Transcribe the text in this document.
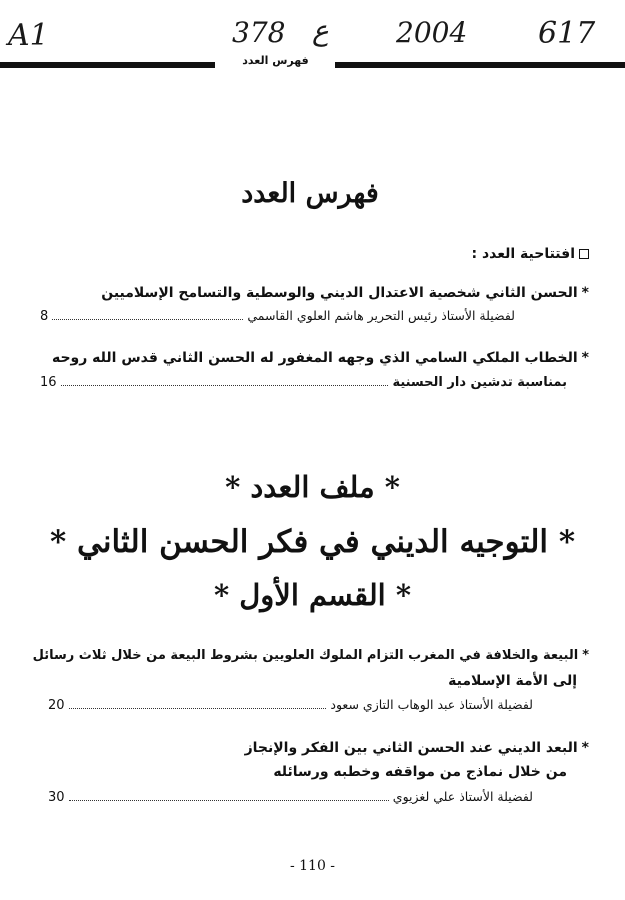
A1	378 ع 2004 617
فهرس العدد
فهرس العدد
افتتاحية العدد :
*الحسن الثاني شخصية الاعتدال الديني والوسطية والتسامح الإسلاميين
8	لفضيلة الأستاذ رئيس التحرير هاشم العلوي القاسمي
*الخطاب الملكي السامي الذي وجهه المغفور له الحسن الثاني قدس الله روحه
16	بمناسبة تدشين دار الحسنية
* ملف العدد *
* التوجيه الديني في فكر الحسن الثاني *
* القسم الأول *
*البيعة والخلافة في المغرب التزام الملوك العلويين بشروط البيعة من خلال ثلاث رسائل
إلى الأمة الإسلامية
20	لفضيلة الأستاذ عبد الوهاب التازي سعود
*البعد الديني عند الحسن الثاني بين الفكر والإنجاز
من خلال نماذج من مواقفه وخطبه ورسائله
30	لفضيلة الأستاذ علي لغزيوي
- 110 -
